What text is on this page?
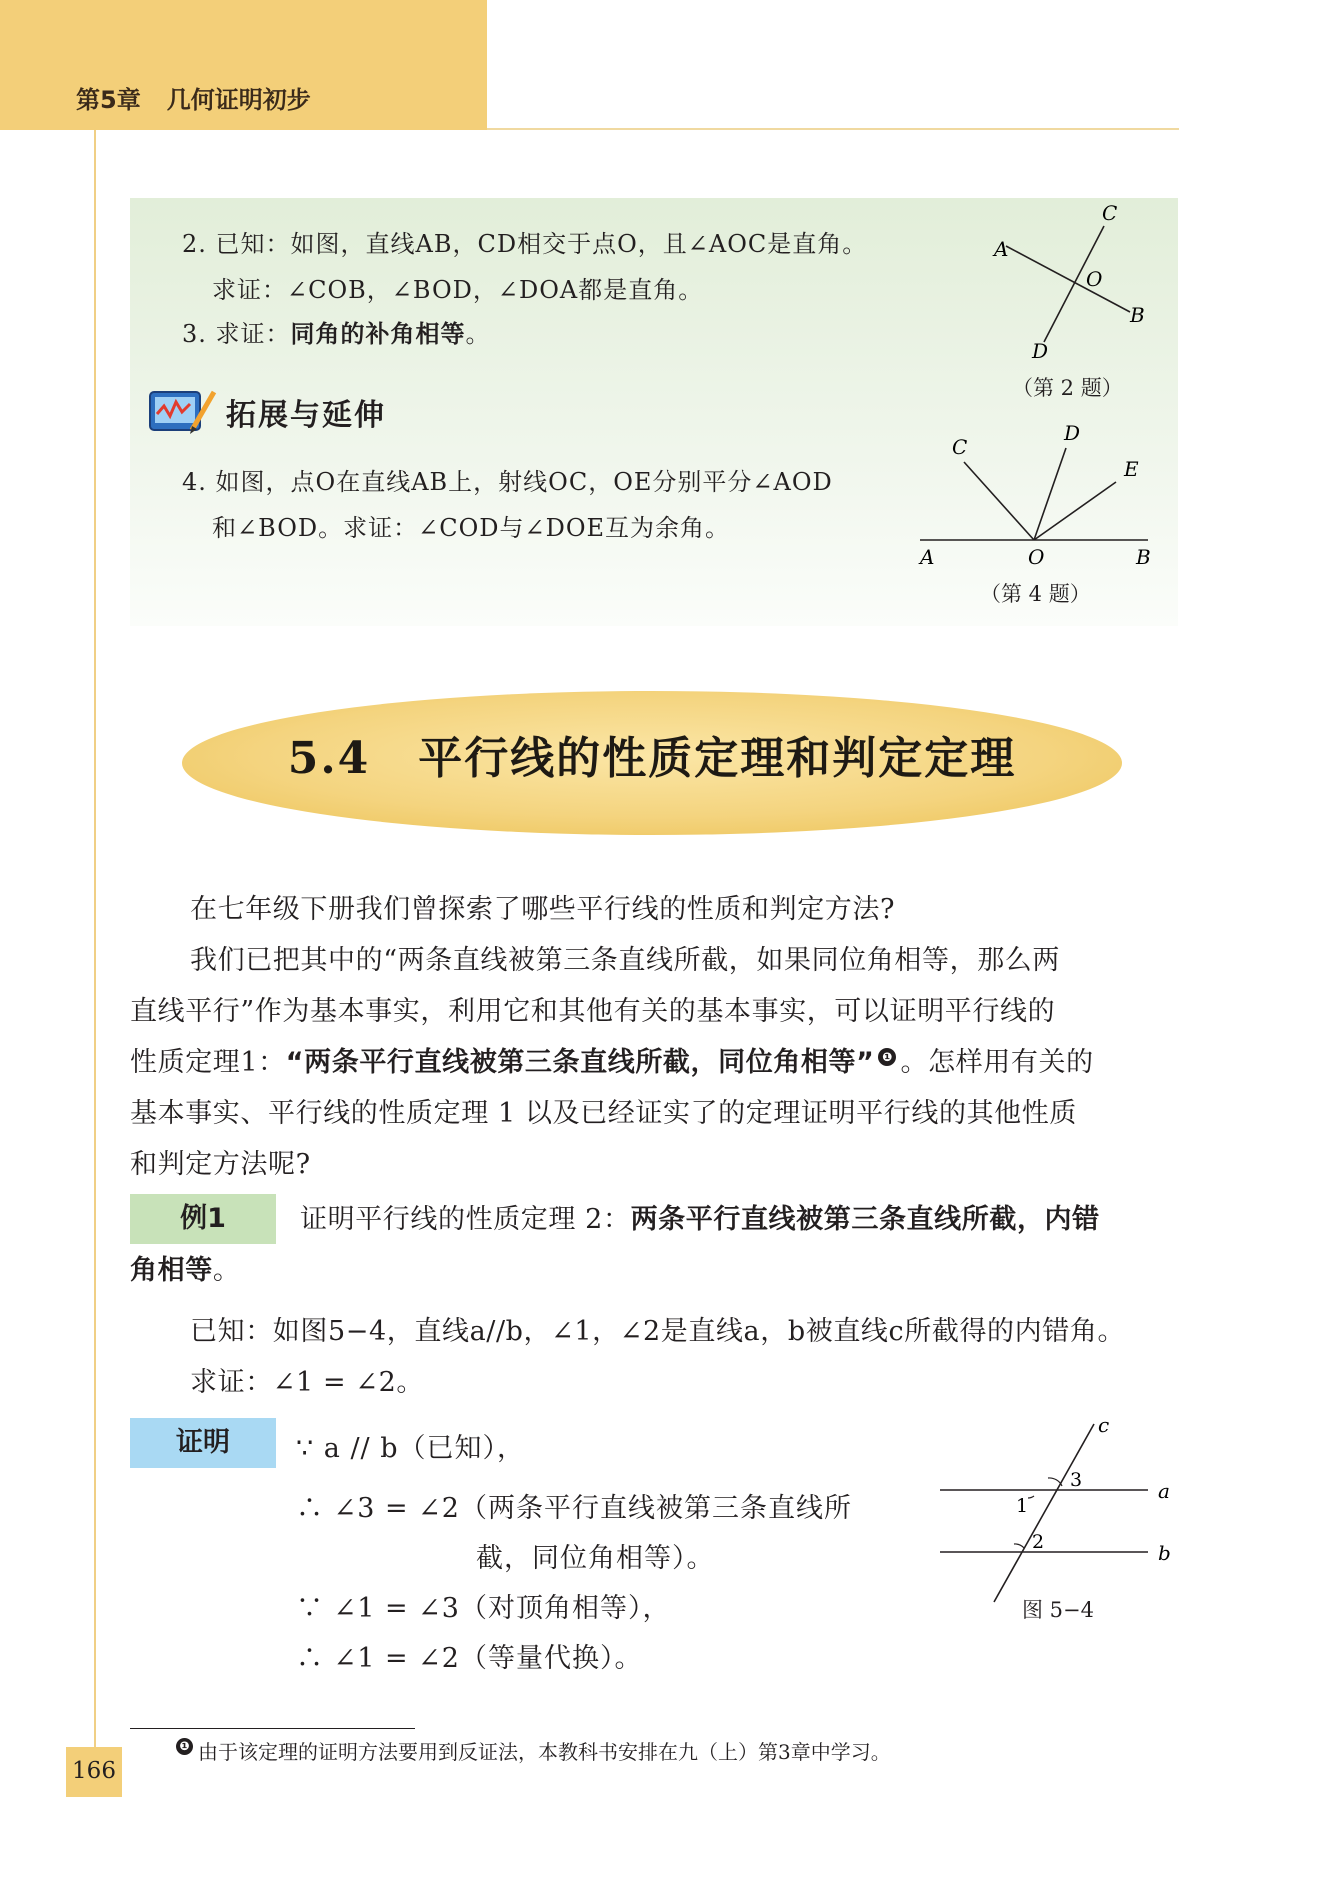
第5章 几何证明初步
2. 已知：如图，直线AB，CD相交于点O，且∠AOC是直角。
求证：∠COB，∠BOD，∠DOA都是直角。
3. 求证：同角的补角相等。
拓展与延伸
4. 如图，点O在直线AB上，射线OC，OE分别平分∠AOD
和∠BOD。求证：∠COD与∠DOE互为余角。
A
B
C
D
O
（第 2 题）
A	B
C
D
E
O
（第 4 题）
5.4 平行线的性质定理和判定定理
在七年级下册我们曾探索了哪些平行线的性质和判定方法?
我们已把其中的“两条直线被第三条直线所截，如果同位角相等，那么两
直线平行”作为基本事实，利用它和其他有关的基本事实，可以证明平行线的
性质定理1：“两条平行直线被第三条直线所截，同位角相等” ❶ 。怎样用有关的
基本事实、平行线的性质定理 1 以及已经证实了的定理证明平行线的其他性质
和判定方法呢?
例1	证明平行线的性质定理 2：两条平行直线被第三条直线所截，内错
角相等。
已知：如图5−4，直线a//b，∠1，∠2是直线a，b被直线c所截得的内错角。
求证：∠1 = ∠2。
证明	∵ a // b（已知），
∴ ∠3 = ∠2（两条平行直线被第三条直线所
截，同位角相等）。
∵ ∠1 = ∠3（对顶角相等），
∴ ∠1 = ∠2（等量代换）。
a
b
c
1
2
3
图 5−4
❶ 由于该定理的证明方法要用到反证法，本教科书安排在九（上）第3章中学习。
166
